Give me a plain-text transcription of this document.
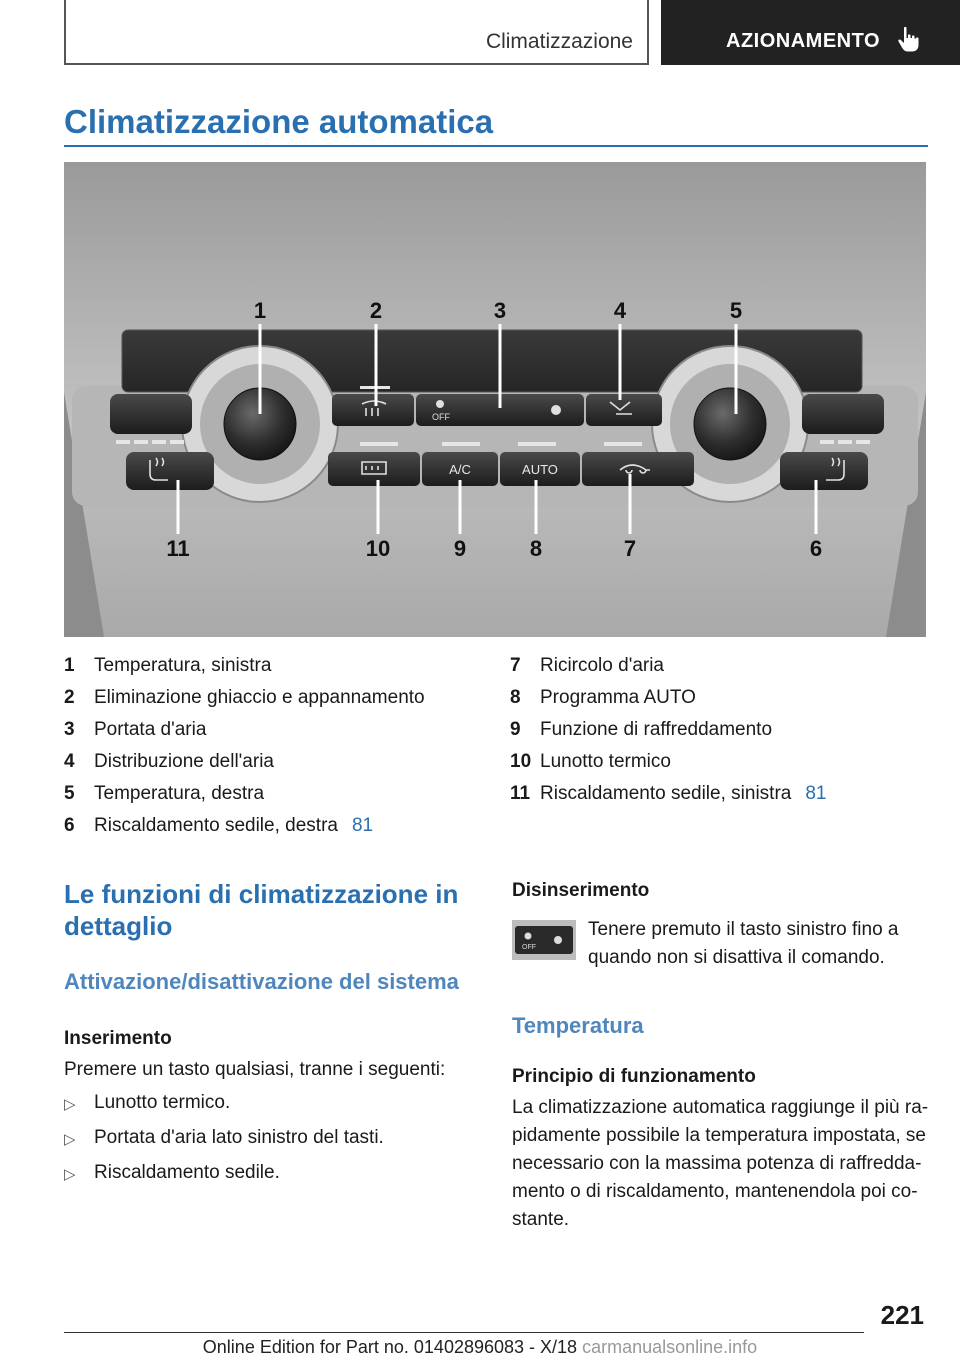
Climatizzazione	AZIONAMENTO
Climatizzazione automatica
OFF
A/C	AUTO
1	2	3	4	5
6
7
8
9
10
11
1	Temperatura, sinistra
2	Eliminazione ghiaccio e appannamento
3	Portata d'aria
4	Distribuzione dell'aria
5	Temperatura, destra
6	Riscaldamento sedile, destra 81
7	Ricircolo d'aria
8	Programma AUTO
9	Funzione di raffreddamento
10 Lunotto termico
11 Riscaldamento sedile, sinistra 81
Le funzioni di climatizzazione in dettaglio
Attivazione/disattivazione del sistema
Inserimento

Premere un tasto qualsiasi, tranne i seguenti:

▷ Lunotto termico.
▷ Portata d'aria lato sinistro del tasti.
▷ Riscaldamento sedile.
Disinserimento
OFF

Tenere premuto il tasto sinistro fino a quando non si disattiva il comando.

Temperatura
Principio di funzionamento

La climatizzazione automatica raggiunge il più ra-pidamente possibile la temperatura impostata, se necessario con la massima potenza di raffredda-mento o di riscaldamento, mantenendola poi co-stante.

221
Online Edition for Part no. 01402896083 - X/18 carmanualsonline.info
